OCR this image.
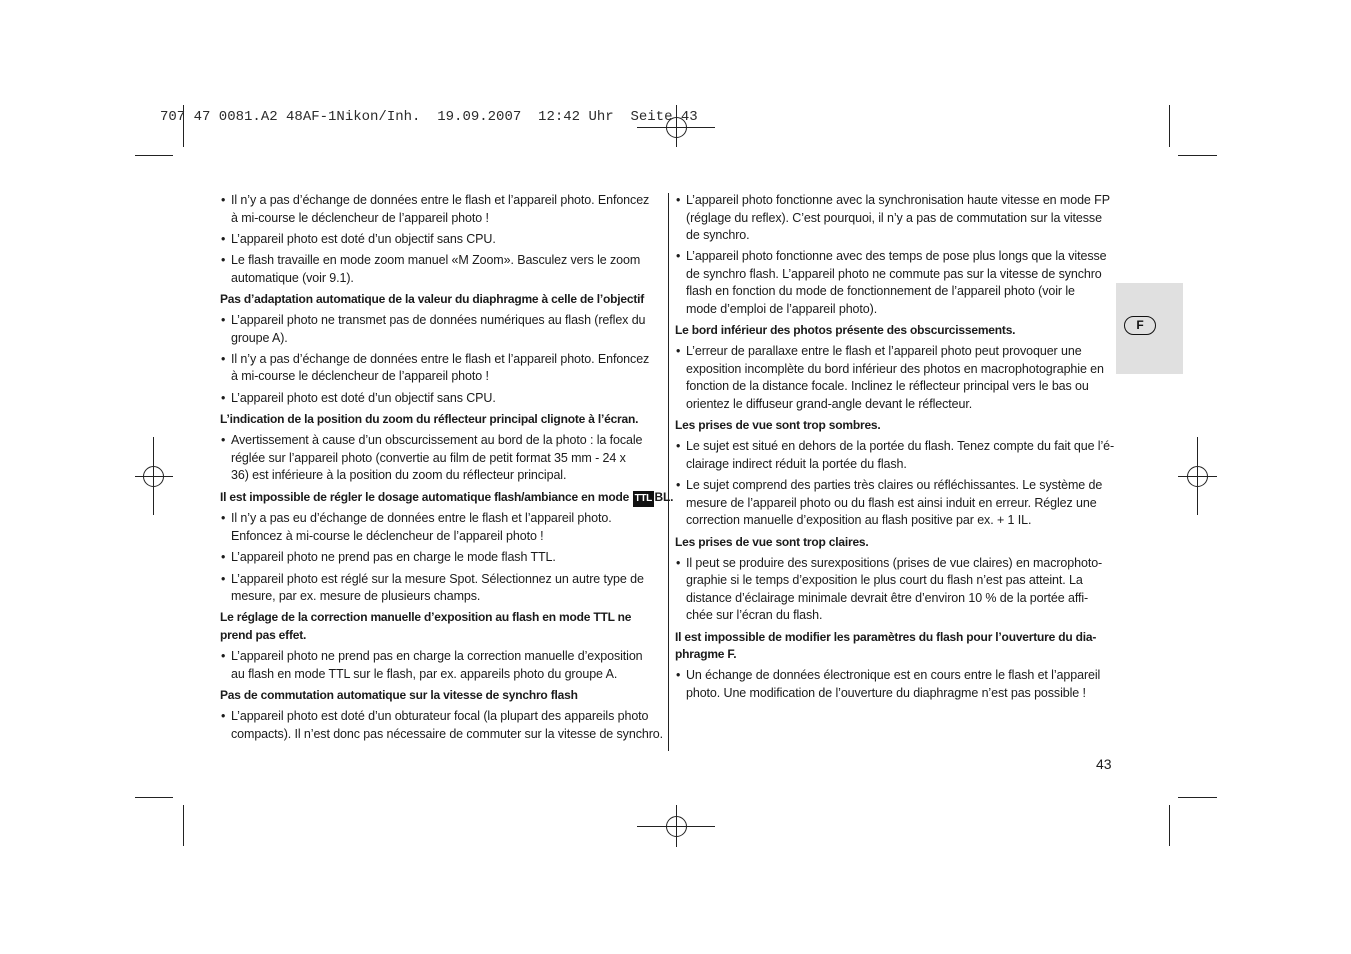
707 47 0081.A2 48AF-1Nikon/Inh.  19.09.2007  12:42 Uhr  Seite 43
F
• Il n’y a pas d’échange de données entre le flash et l’appareil photo. Enfoncez
à mi-course le déclencheur de l’appareil photo !
• L’appareil photo est doté d’un objectif sans CPU.
• Le flash travaille en mode zoom manuel «M Zoom». Basculez vers le zoom
automatique (voir 9.1).
Pas d’adaptation automatique de la valeur du diaphragme à celle de l’objectif
• L’appareil photo ne transmet pas de données numériques au flash (reflex du
groupe A).
• Il n’y a pas d’échange de données entre le flash et l’appareil photo. Enfoncez
à mi-course le déclencheur de l’appareil photo !
• L’appareil photo est doté d’un objectif sans CPU.
L’indication de la position du zoom du réflecteur principal clignote à l’écran.
• Avertissement à cause d’un obscurcissement au bord de la photo : la focale
réglée sur l’appareil photo (convertie au film de petit format 35 mm - 24 x
36) est inférieure à la position du zoom du réflecteur principal.
Il est impossible de régler le dosage automatique flash/ambiance en mode TTL BL.
• Il n’y a pas eu d’échange de données entre le flash et l’appareil photo.
Enfoncez à mi-course le déclencheur de l’appareil photo !
• L’appareil photo ne prend pas en charge le mode flash TTL.
• L’appareil photo est réglé sur la mesure Spot. Sélectionnez un autre type de
mesure, par ex. mesure de plusieurs champs.
Le réglage de la correction manuelle d’exposition au flash en mode TTL ne
prend pas effet.
• L’appareil photo ne prend pas en charge la correction manuelle d’exposition
au flash en mode TTL sur le flash, par ex. appareils photo du groupe A.
Pas de commutation automatique sur la vitesse de synchro flash
• L’appareil photo est doté d’un obturateur focal (la plupart des appareils photo
compacts). Il n’est donc pas nécessaire de commuter sur la vitesse de synchro.
• L’appareil photo fonctionne avec la synchronisation haute vitesse en mode FP
(réglage du reflex). C’est pourquoi, il n’y a pas de commutation sur la vitesse
de synchro.
• L’appareil photo fonctionne avec des temps de pose plus longs que la vitesse
de synchro flash. L’appareil photo ne commute pas sur la vitesse de synchro
flash en fonction du mode de fonctionnement de l’appareil photo (voir le
mode d’emploi de l’appareil photo).
Le bord inférieur des photos présente des obscurcissements.
• L’erreur de parallaxe entre le flash et l’appareil photo peut provoquer une
exposition incomplète du bord inférieur des photos en macrophotographie en
fonction de la distance focale. Inclinez le réflecteur principal vers le bas ou
orientez le diffuseur grand-angle devant le réflecteur.
Les prises de vue sont trop sombres.
• Le sujet est situé en dehors de la portée du flash. Tenez compte du fait que l’é-
clairage indirect réduit la portée du flash.
• Le sujet comprend des parties très claires ou réfléchissantes. Le système de
mesure de l’appareil photo ou du flash est ainsi induit en erreur. Réglez une
correction manuelle d’exposition au flash positive par ex. + 1 IL.
Les prises de vue sont trop claires.
• Il peut se produire des surexpositions (prises de vue claires) en macrophoto-
graphie si le temps d’exposition le plus court du flash n’est pas atteint. La
distance d’éclairage minimale devrait être d’environ 10 % de la portée affi-
chée sur l’écran du flash.
Il est impossible de modifier les paramètres du flash pour l’ouverture du dia-
phragme F.
• Un échange de données électronique est en cours entre le flash et l’appareil
photo. Une modification de l’ouverture du diaphragme n’est pas possible !
43
